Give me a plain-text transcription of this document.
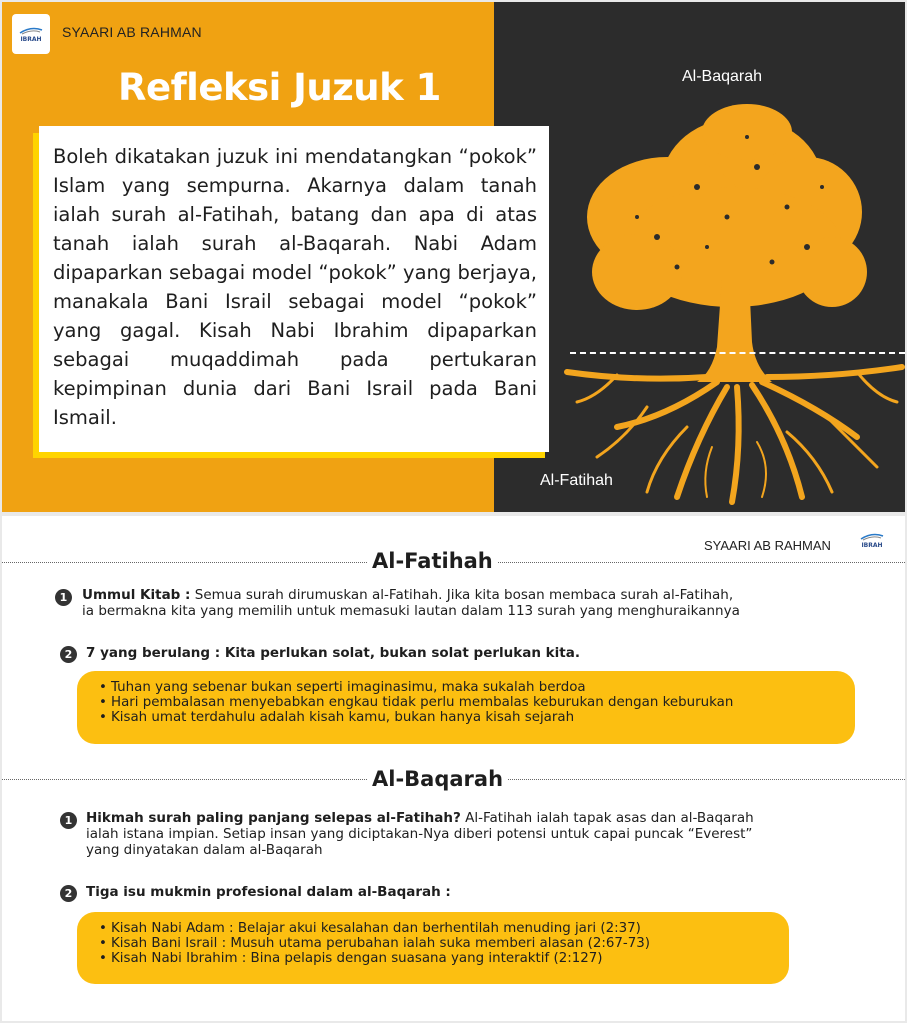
IBRAH SYAARI AB RAHMAN
Refleksi Juzuk 1

Boleh dikatakan juzuk ini mendatangkan “pokok” Islam yang sempurna. Akarnya dalam tanah ialah surah al-Fatihah, batang dan apa di atas tanah ialah surah al-Baqarah. Nabi Adam dipaparkan sebagai model “pokok” yang berjaya, manakala Bani Israil sebagai model “pokok” yang gagal. Kisah Nabi Ibrahim dipaparkan sebagai muqaddimah pada pertukaran kepimpinan dunia dari Bani Israil pada Bani Ismail.

Al-Baqarah
Al-Fatihah
SYAARI AB RAHMAN	IBRAH
Al-Fatihah
1	Ummul Kitab : Semua surah dirumuskan al-Fatihah. Jika kita bosan membaca surah al-Fatihah,
ia bermakna kita yang memilih untuk memasuki lautan dalam 113 surah yang menghuraikannya
2	7 yang berulang : Kita perlukan solat, bukan solat perlukan kita.
• Tuhan yang sebenar bukan seperti imaginasimu, maka sukalah berdoa
• Hari pembalasan menyebabkan engkau tidak perlu membalas keburukan dengan keburukan
• Kisah umat terdahulu adalah kisah kamu, bukan hanya kisah sejarah
Al-Baqarah
1	Hikmah surah paling panjang selepas al-Fatihah? Al-Fatihah ialah tapak asas dan al-Baqarah
ialah istana impian. Setiap insan yang diciptakan-Nya diberi potensi untuk capai puncak “Everest”
yang dinyatakan dalam al-Baqarah
2	Tiga isu mukmin profesional dalam al-Baqarah :
• Kisah Nabi Adam : Belajar akui kesalahan dan berhentilah menuding jari (2:37)
• Kisah Bani Israil : Musuh utama perubahan ialah suka memberi alasan (2:67-73)
• Kisah Nabi Ibrahim : Bina pelapis dengan suasana yang interaktif (2:127)
